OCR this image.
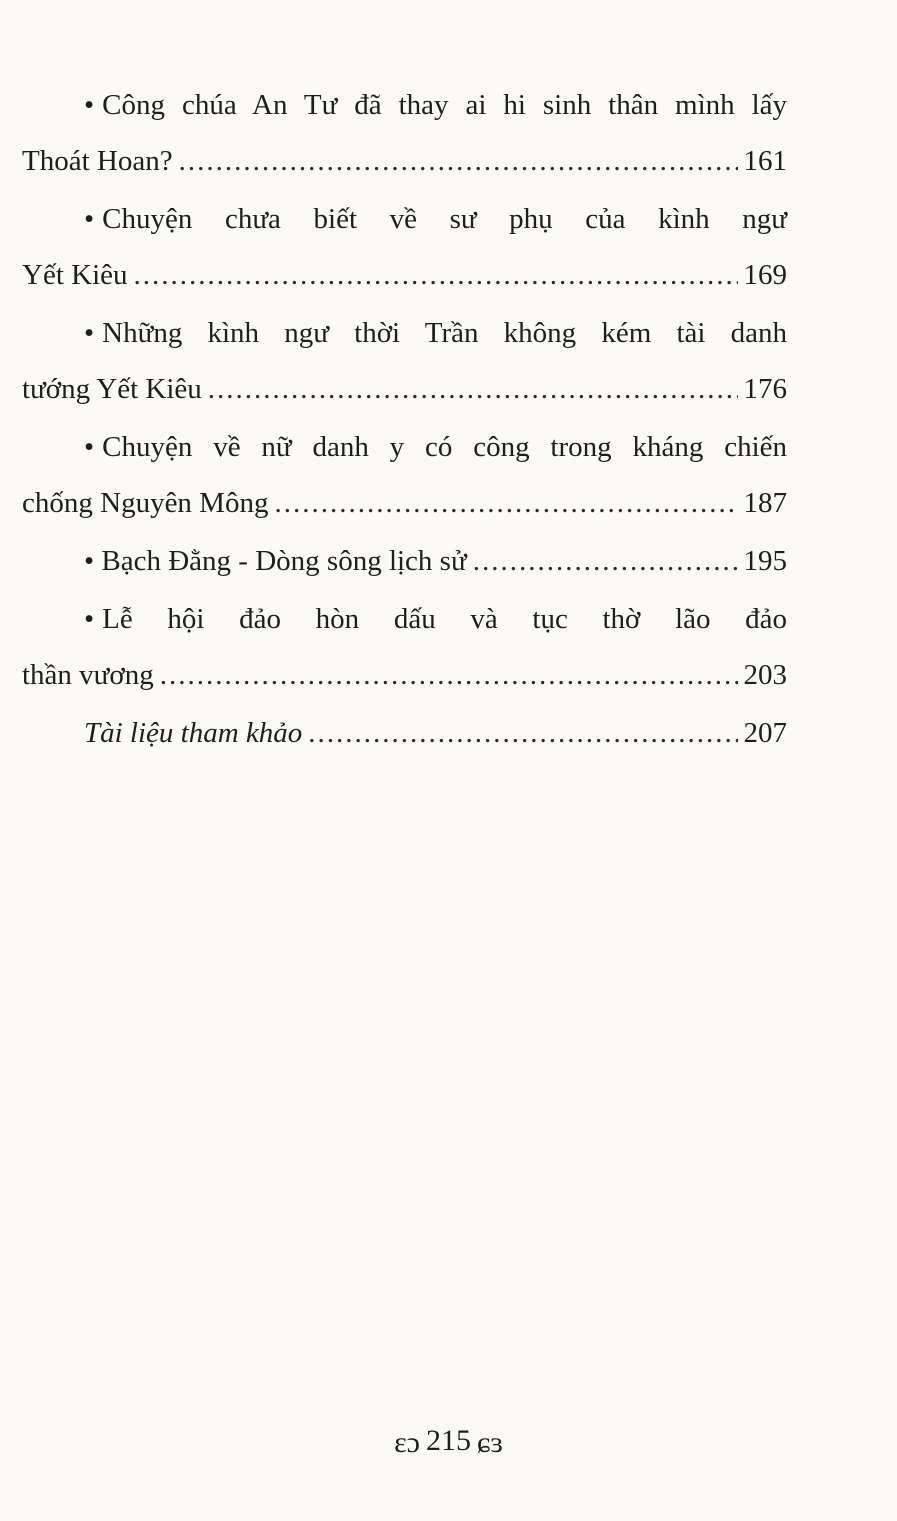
• Công chúa An Tư đã thay ai hi sinh thân mình lấy
Thoát Hoan? .....	161
• Chuyện chưa biết về sư phụ của kình ngư
Yết Kiêu .....	169
• Những kình ngư thời Trần không kém tài danh
tướng Yết Kiêu .....	176
• Chuyện về nữ danh y có công trong kháng chiến
chống Nguyên Mông .....	187
• Bạch Đằng - Dòng sông lịch sử .....	195
• Lễ hội đảo hòn dấu và tục thờ lão đảo
thần vương .....	203
Tài liệu tham khảo .....	207
ɛɔ 215 ɕɜ
